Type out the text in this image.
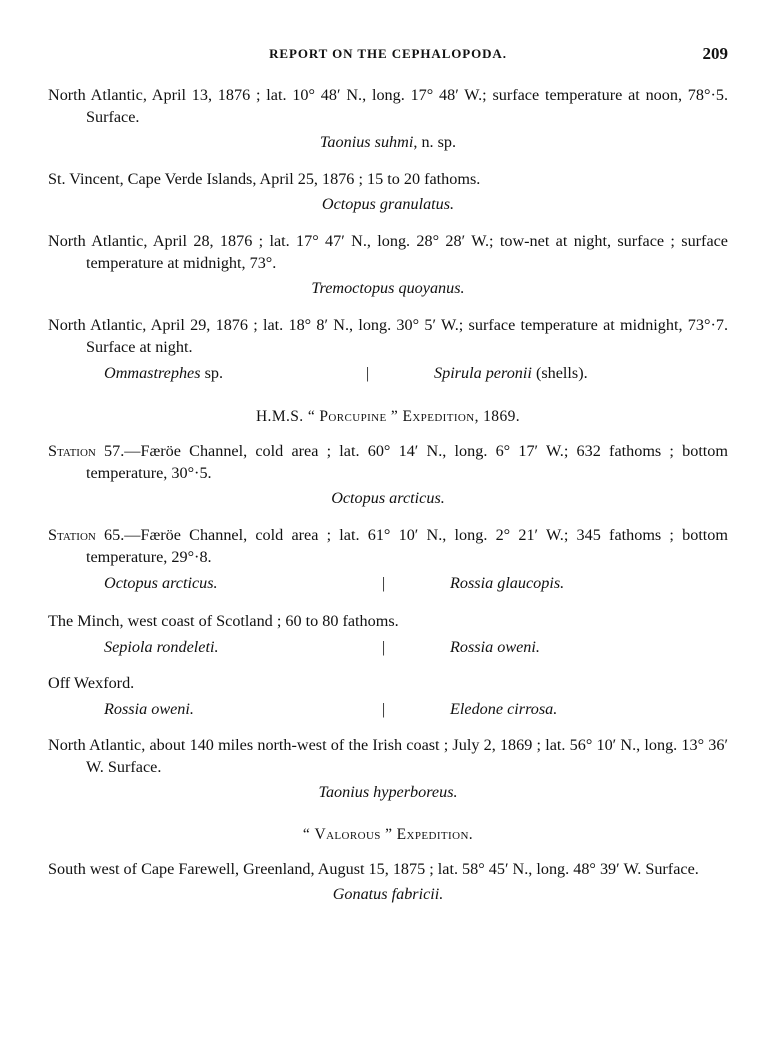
REPORT ON THE CEPHALOPODA.	209
North Atlantic, April 13, 1876 ; lat. 10° 48′ N., long. 17° 48′ W.; surface temperature at noon, 78°·5. Surface.
Taonius suhmi, n. sp.
St. Vincent, Cape Verde Islands, April 25, 1876 ; 15 to 20 fathoms.
Octopus granulatus.
North Atlantic, April 28, 1876 ; lat. 17° 47′ N., long. 28° 28′ W.; tow-net at night, surface ; surface temperature at midnight, 73°.
Tremoctopus quoyanus.
North Atlantic, April 29, 1876 ; lat. 18° 8′ N., long. 30° 5′ W.; surface temperature at midnight, 73°·7. Surface at night.
Ommastrephes sp.	|	Spirula peronii (shells).
H.M.S. “ Porcupine ” Expedition, 1869.
Station 57.—Færöe Channel, cold area ; lat. 60° 14′ N., long. 6° 17′ W.; 632 fathoms ; bottom temperature, 30°·5.
Octopus arcticus.
Station 65.—Færöe Channel, cold area ; lat. 61° 10′ N., long. 2° 21′ W.; 345 fathoms ; bottom temperature, 29°·8.
Octopus arcticus.	|	Rossia glaucopis.
The Minch, west coast of Scotland ; 60 to 80 fathoms.
Sepiola rondeleti.	|	Rossia oweni.
Off Wexford.
Rossia oweni.	|	Eledone cirrosa.
North Atlantic, about 140 miles north-west of the Irish coast ; July 2, 1869 ; lat. 56° 10′ N., long. 13° 36′ W. Surface.
Taonius hyperboreus.
“ Valorous ” Expedition.
South west of Cape Farewell, Greenland, August 15, 1875 ; lat. 58° 45′ N., long. 48° 39′ W. Surface.
Gonatus fabricii.
